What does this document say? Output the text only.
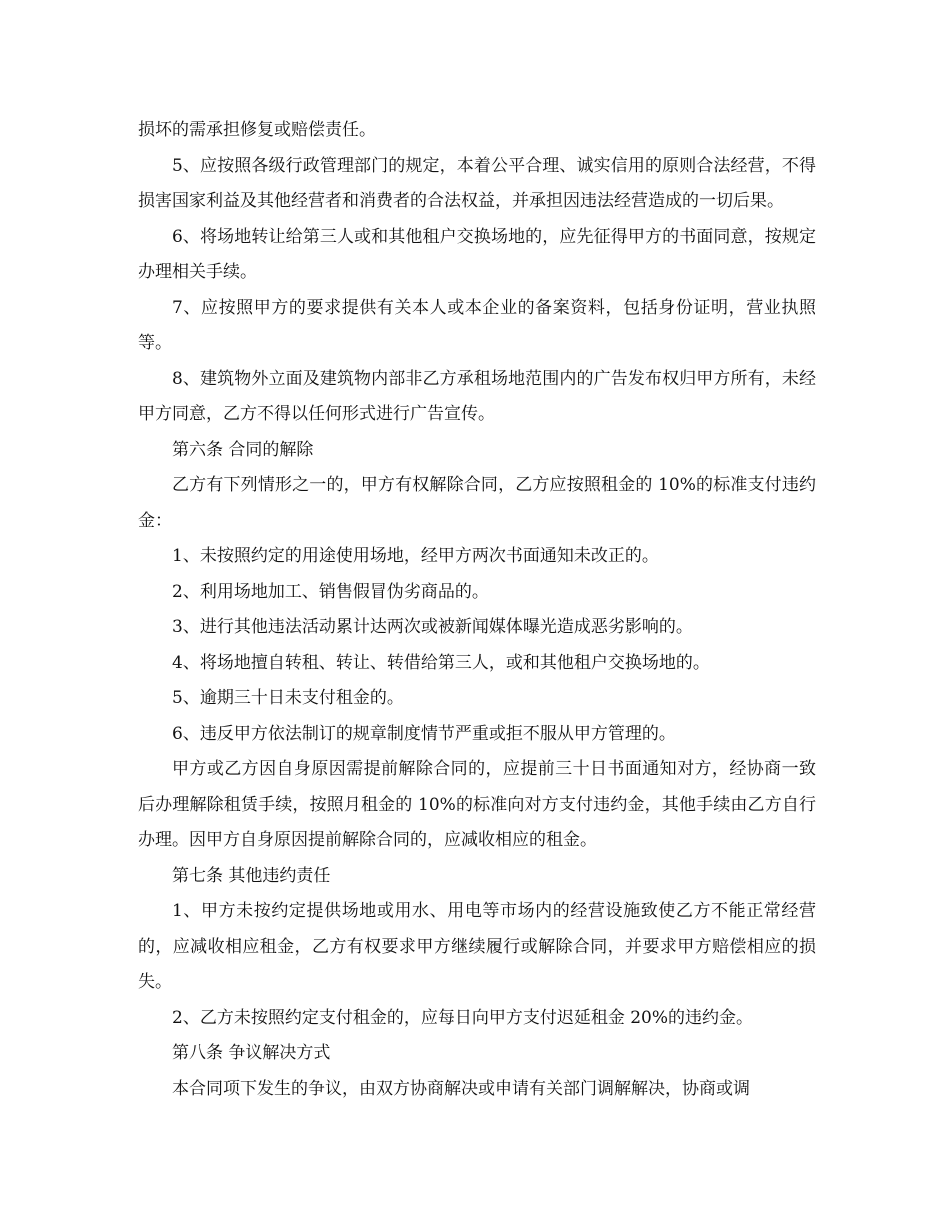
损坏的需承担修复或赔偿责任。

5、应按照各级行政管理部门的规定，本着公平合理、诚实信用的原则合法经营，不得损害国家利益及其他经营者和消费者的合法权益，并承担因违法经营造成的一切后果。

6、将场地转让给第三人或和其他租户交换场地的，应先征得甲方的书面同意，按规定办理相关手续。

7、应按照甲方的要求提供有关本人或本企业的备案资料，包括身份证明，营业执照等。

8、建筑物外立面及建筑物内部非乙方承租场地范围内的广告发布权归甲方所有，未经甲方同意，乙方不得以任何形式进行广告宣传。

第六条 合同的解除

乙方有下列情形之一的，甲方有权解除合同，乙方应按照租金的 10%的标准支付违约金：

1、未按照约定的用途使用场地，经甲方两次书面通知未改正的。

2、利用场地加工、销售假冒伪劣商品的。

3、进行其他违法活动累计达两次或被新闻媒体曝光造成恶劣影响的。

4、将场地擅自转租、转让、转借给第三人，或和其他租户交换场地的。

5、逾期三十日未支付租金的。

6、违反甲方依法制订的规章制度情节严重或拒不服从甲方管理的。

甲方或乙方因自身原因需提前解除合同的，应提前三十日书面通知对方，经协商一致后办理解除租赁手续，按照月租金的 10%的标准向对方支付违约金，其他手续由乙方自行办理。因甲方自身原因提前解除合同的，应减收相应的租金。

第七条 其他违约责任

1、甲方未按约定提供场地或用水、用电等市场内的经营设施致使乙方不能正常经营的，应减收相应租金，乙方有权要求甲方继续履行或解除合同，并要求甲方赔偿相应的损失。

2、乙方未按照约定支付租金的，应每日向甲方支付迟延租金 20%的违约金。

第八条 争议解决方式

本合同项下发生的争议，由双方协商解决或申请有关部门调解解决，协商或调
